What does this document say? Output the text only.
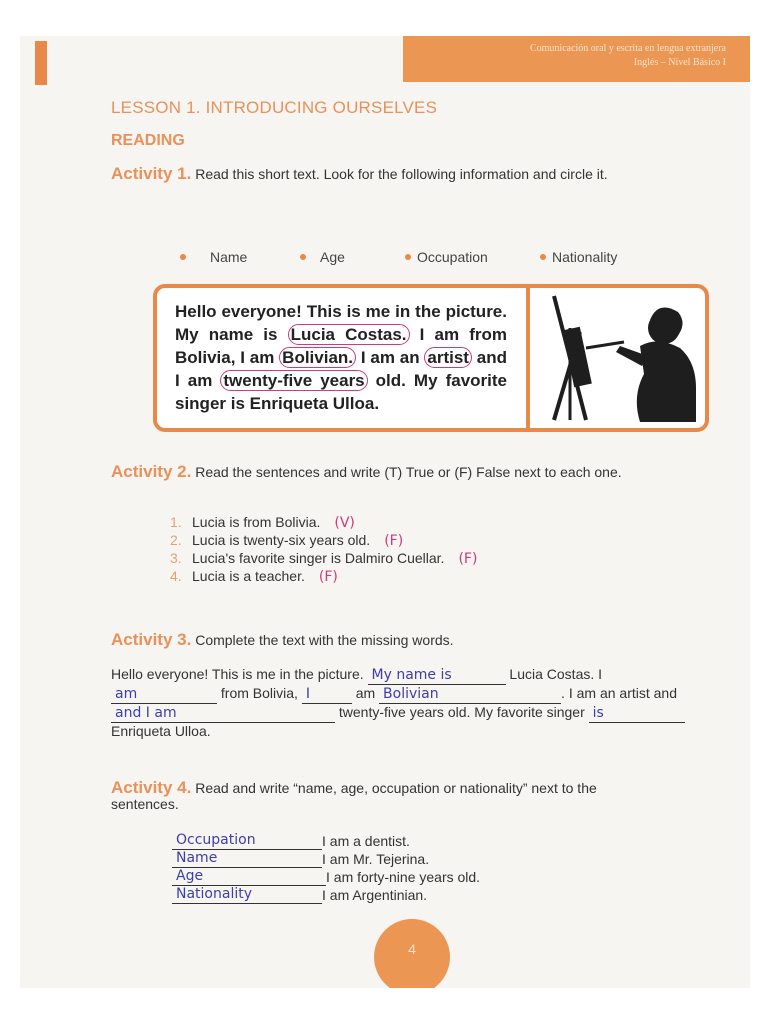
Comunicación oral y escrita en lengua extranjera
Inglés – Nivel Básico I
LESSON 1. INTRODUCING OURSELVES
READING
Activity 1. Read this short text. Look for the following information and circle it.
Name	Age	Occupation	Nationality
Hello everyone! This is me in the picture. My name is Lucia Costas. I am from Bolivia, I am Bolivian. I am an artist and I am twenty-five years old. My favorite singer is Enriqueta Ulloa.
Activity 2. Read the sentences and write (T) True or (F) False next to each one.
1. Lucia is from Bolivia. (V)
2. Lucia is twenty-six years old. (F)
3. Lucia's favorite singer is Dalmiro Cuellar. (F)
4. Lucia is a teacher. (F)
Activity 3. Complete the text with the missing words.
Hello everyone! This is me in the picture. My name is	Lucia Costas. I
am	from Bolivia, I	am Bolivian	. I am an artist and
and I am	twenty-five years old. My favorite singer is
Enriqueta Ulloa.
Activity 4. Read and write “name, age, occupation or nationality” next to the sentences.
Occupation	I am a dentist.
Name	I am Mr. Tejerina.
Age	I am forty-nine years old.
Nationality	I am Argentinian.
4
